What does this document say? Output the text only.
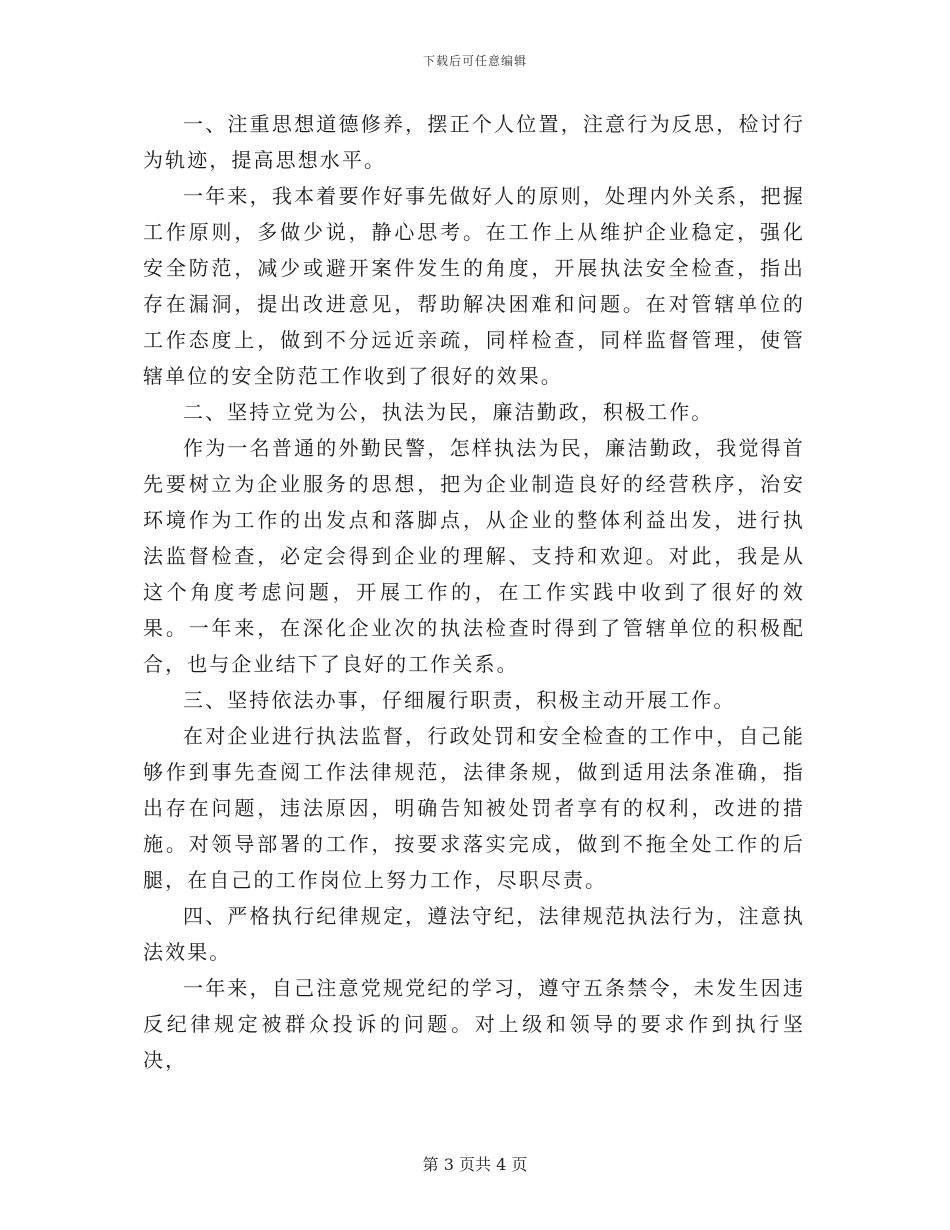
下载后可任意编辑

一、注重思想道德修养，摆正个人位置，注意行为反思，检讨行为轨迹，提高思想水平。

一年来，我本着要作好事先做好人的原则，处理内外关系，把握工作原则，多做少说，静心思考。在工作上从维护企业稳定，强化安全防范，减少或避开案件发生的角度，开展执法安全检查，指出存在漏洞，提出改进意见，帮助解决困难和问题。在对管辖单位的工作态度上，做到不分远近亲疏，同样检查，同样监督管理，使管辖单位的安全防范工作收到了很好的效果。

二、坚持立党为公，执法为民，廉洁勤政，积极工作。

作为一名普通的外勤民警，怎样执法为民，廉洁勤政，我觉得首先要树立为企业服务的思想，把为企业制造良好的经营秩序，治安环境作为工作的出发点和落脚点，从企业的整体利益出发，进行执法监督检查，必定会得到企业的理解、支持和欢迎。对此，我是从这个角度考虑问题，开展工作的，在工作实践中收到了很好的效果。一年来，在深化企业次的执法检查时得到了管辖单位的积极配合，也与企业结下了良好的工作关系。

三、坚持依法办事，仔细履行职责，积极主动开展工作。

在对企业进行执法监督，行政处罚和安全检查的工作中，自己能够作到事先查阅工作法律规范，法律条规，做到适用法条准确，指出存在问题，违法原因，明确告知被处罚者享有的权利，改进的措施。对领导部署的工作，按要求落实完成，做到不拖全处工作的后腿，在自己的工作岗位上努力工作，尽职尽责。

四、严格执行纪律规定，遵法守纪，法律规范执法行为，注意执法效果。

一年来，自己注意党规党纪的学习，遵守五条禁令，未发生因违反纪律规定被群众投诉的问题。对上级和领导的要求作到执行坚决，

第 3 页共 4 页
